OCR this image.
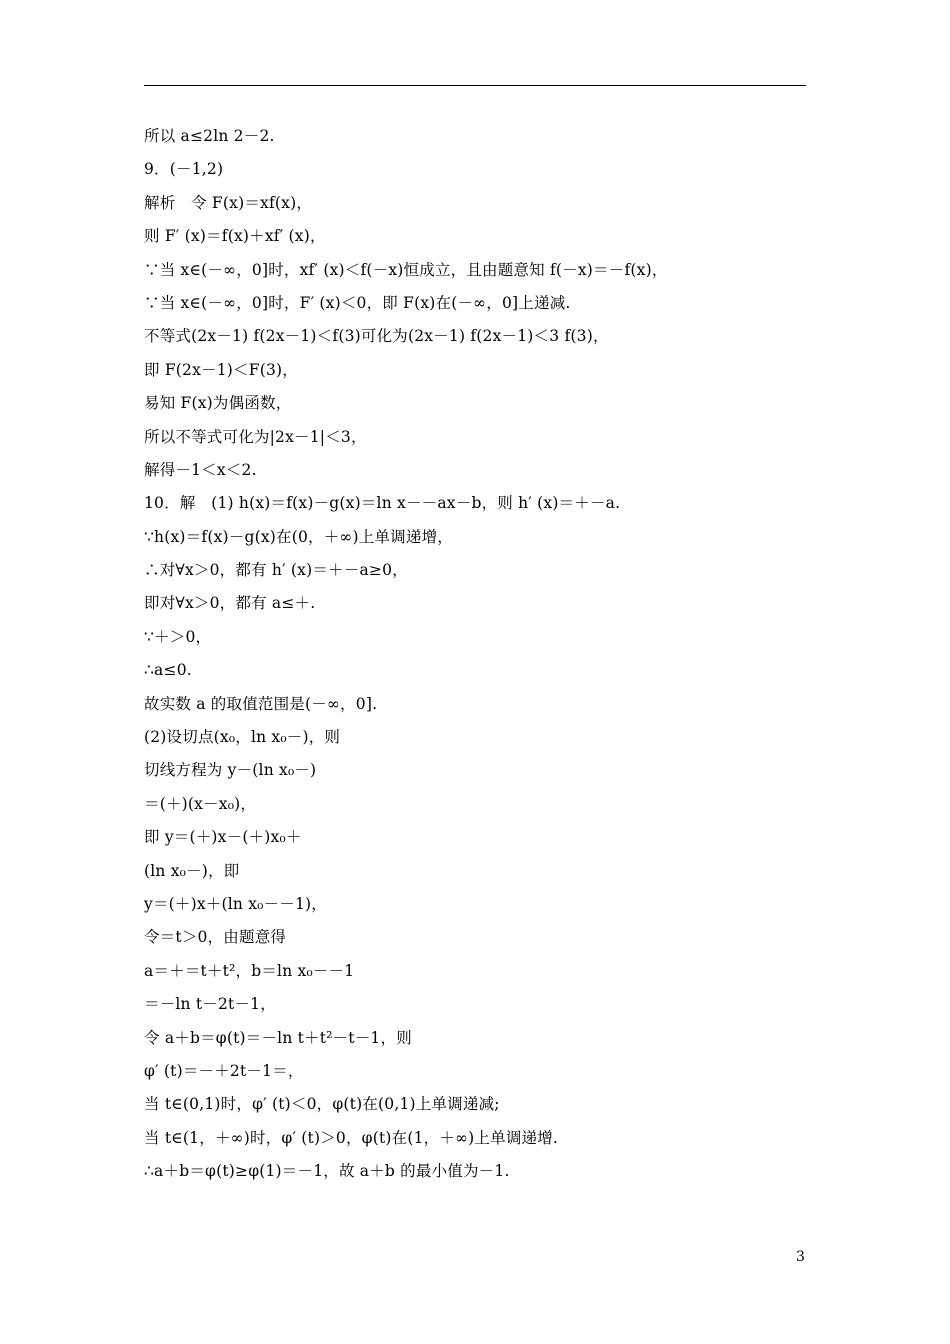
所以 a≤2ln 2－2.
9．(－1,2)
解析　令 F(x)＝xf(x)，
则 F′ (x)＝f(x)＋xf′ (x)，
∵当 x∈(－∞，0]时，xf′ (x)＜f(－x)恒成立，且由题意知 f(－x)＝－f(x)，
∵当 x∈(－∞，0]时，F′ (x)＜0，即 F(x)在(－∞，0]上递减.
不等式(2x－1) f(2x－1)＜f(3)可化为(2x－1) f(2x－1)＜3 f(3)，
即 F(2x－1)＜F(3)，
易知 F(x)为偶函数，
所以不等式可化为|2x－1|＜3，
解得－1＜x＜2.
10．解　(1) h(x)＝f(x)－g(x)＝ln x－－ax－b，则 h′ (x)＝＋－a.
∵h(x)＝f(x)－g(x)在(0，＋∞)上单调递增，
∴对∀x＞0，都有 h′ (x)＝＋－a≥0，
即对∀x＞0，都有 a≤＋.
∵＋＞0，
∴a≤0.
故实数 a 的取值范围是(－∞，0].
(2)设切点(x₀，ln x₀－)，则
切线方程为 y－(ln x₀－)
＝(＋)(x－x₀)，
即 y＝(＋)x－(＋)x₀＋
(ln x₀－)，即
y＝(＋)x＋(ln x₀－－1)，
令＝t＞0，由题意得
a＝＋＝t＋t²，b＝ln x₀－－1
＝－ln t－2t－1，
令 a＋b＝φ(t)＝－ln t＋t²－t－1，则
φ′ (t)＝－＋2t－1＝，
当 t∈(0,1)时，φ′ (t)＜0，φ(t)在(0,1)上单调递减;
当 t∈(1，＋∞)时，φ′ (t)＞0，φ(t)在(1，＋∞)上单调递增.
∴a＋b＝φ(t)≥φ(1)＝－1，故 a＋b 的最小值为－1.
3
